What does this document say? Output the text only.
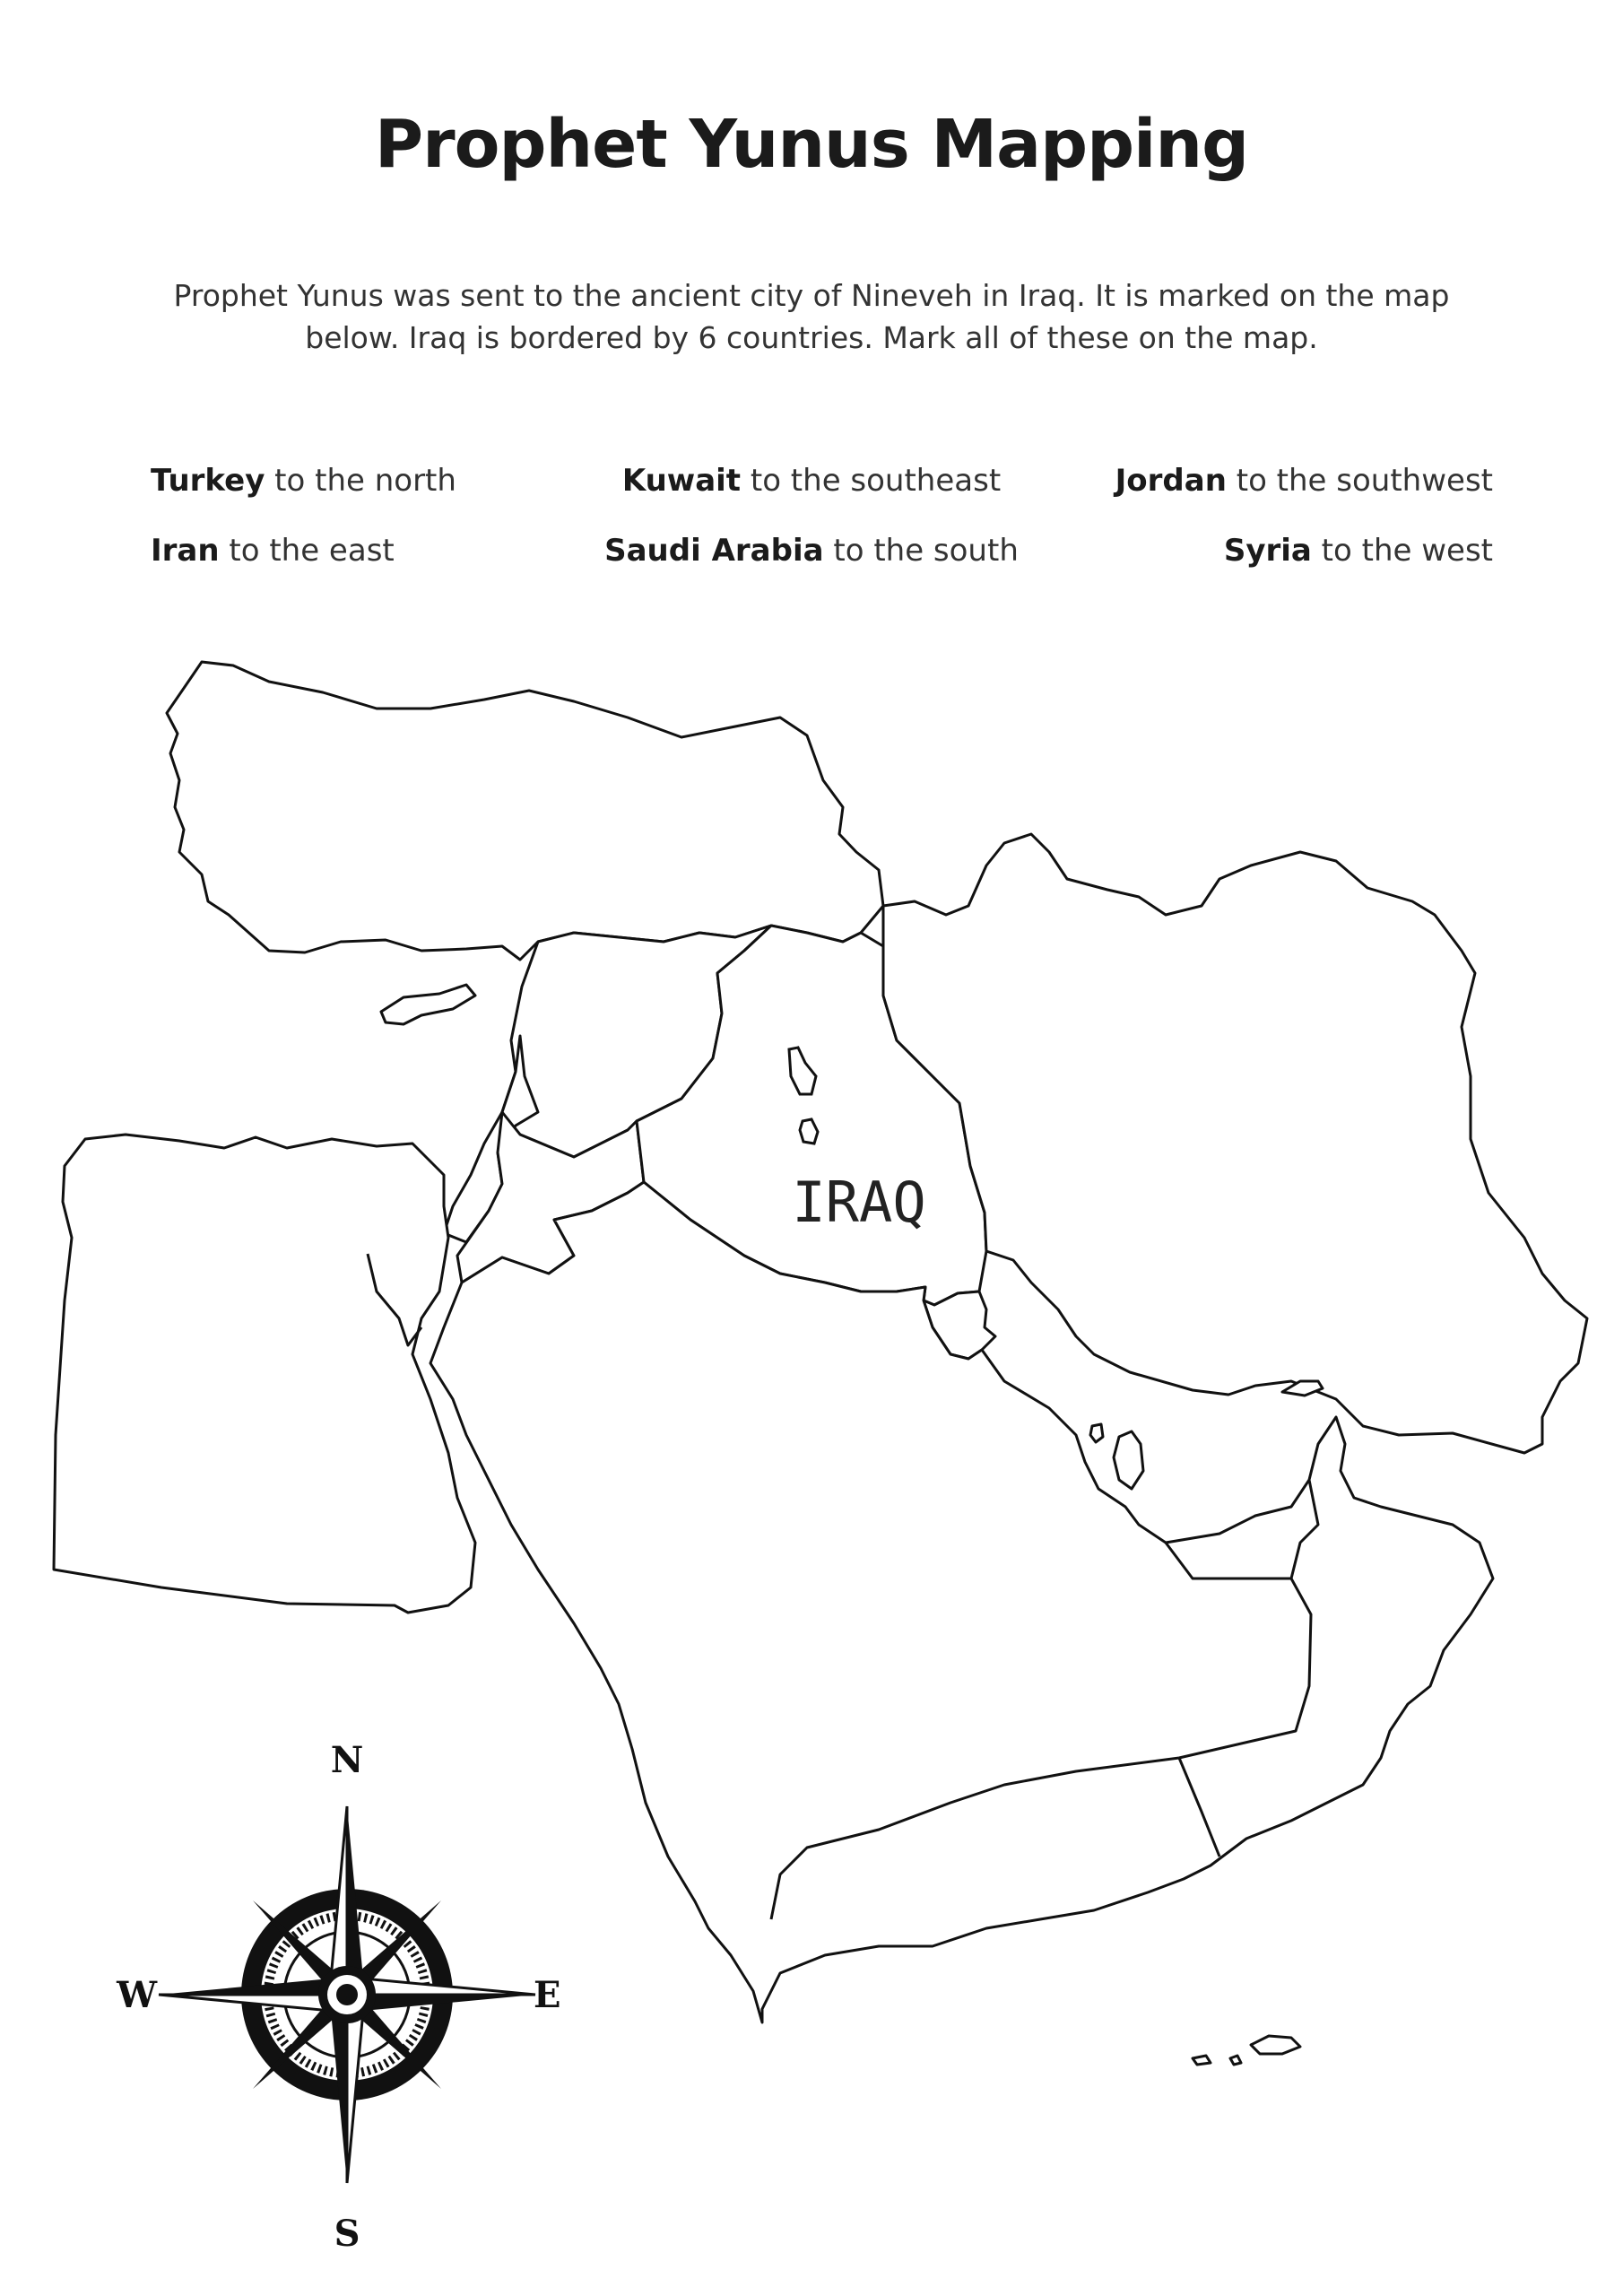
Prophet Yunus Mapping

Prophet Yunus was sent to the ancient city of Nineveh in Iraq. It is marked on the map below. Iraq is bordered by 6 countries. Mark all of these on the map.

Turkey to the north	Kuwait to the southeast	Jordan to the southwest
Iran to the east	Saudi Arabia to the south	Syria to the west
IRAQ
N
S
E
W
